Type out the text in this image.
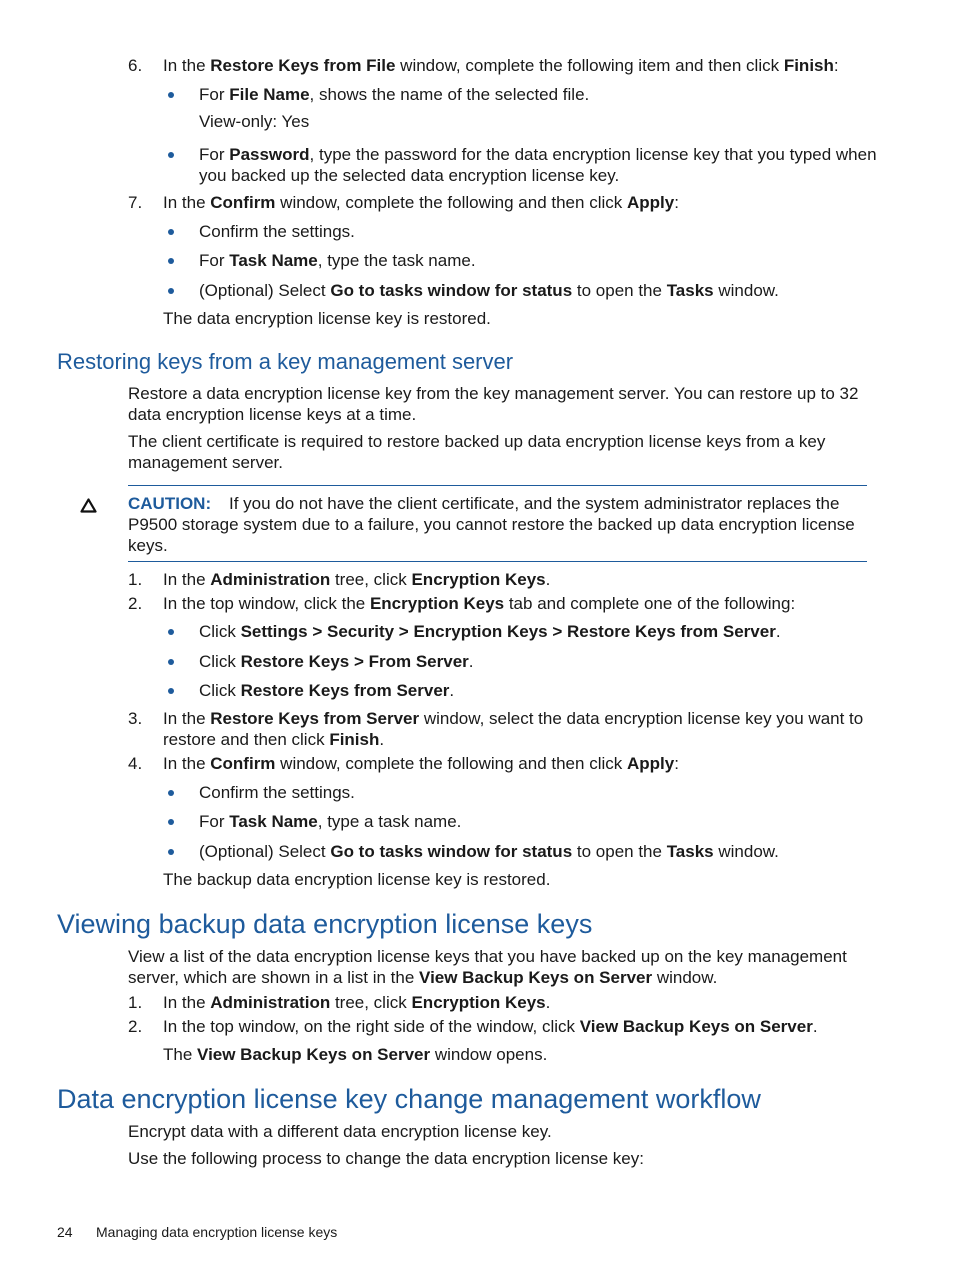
6. In the Restore Keys from File window, complete the following item and then click Finish:
For File Name, shows the name of the selected file.
View-only: Yes
For Password, type the password for the data encryption license key that you typed when
you backed up the selected data encryption license key.
7. In the Confirm window, complete the following and then click Apply:
Confirm the settings.
For Task Name, type the task name.
(Optional) Select Go to tasks window for status to open the Tasks window.
The data encryption license key is restored.
Restoring keys from a key management server
Restore a data encryption license key from the key management server. You can restore up to 32
data encryption license keys at a time.
The client certificate is required to restore backed up data encryption license keys from a key
management server.
CAUTION: If you do not have the client certificate, and the system administrator replaces the
P9500 storage system due to a failure, you cannot restore the backed up data encryption license
keys.
1. In the Administration tree, click Encryption Keys.
2. In the top window, click the Encryption Keys tab and complete one of the following:
Click Settings > Security > Encryption Keys > Restore Keys from Server.
Click Restore Keys > From Server.
Click Restore Keys from Server.
3. In the Restore Keys from Server window, select the data encryption license key you want to
restore and then click Finish.
4. In the Confirm window, complete the following and then click Apply:
Confirm the settings.
For Task Name, type a task name.
(Optional) Select Go to tasks window for status to open the Tasks window.
The backup data encryption license key is restored.
Viewing backup data encryption license keys
View a list of the data encryption license keys that you have backed up on the key management
server, which are shown in a list in the View Backup Keys on Server window.
1. In the Administration tree, click Encryption Keys.
2. In the top window, on the right side of the window, click View Backup Keys on Server.
The View Backup Keys on Server window opens.
Data encryption license key change management workflow
Encrypt data with a different data encryption license key.
Use the following process to change the data encryption license key:
24 Managing data encryption license keys
